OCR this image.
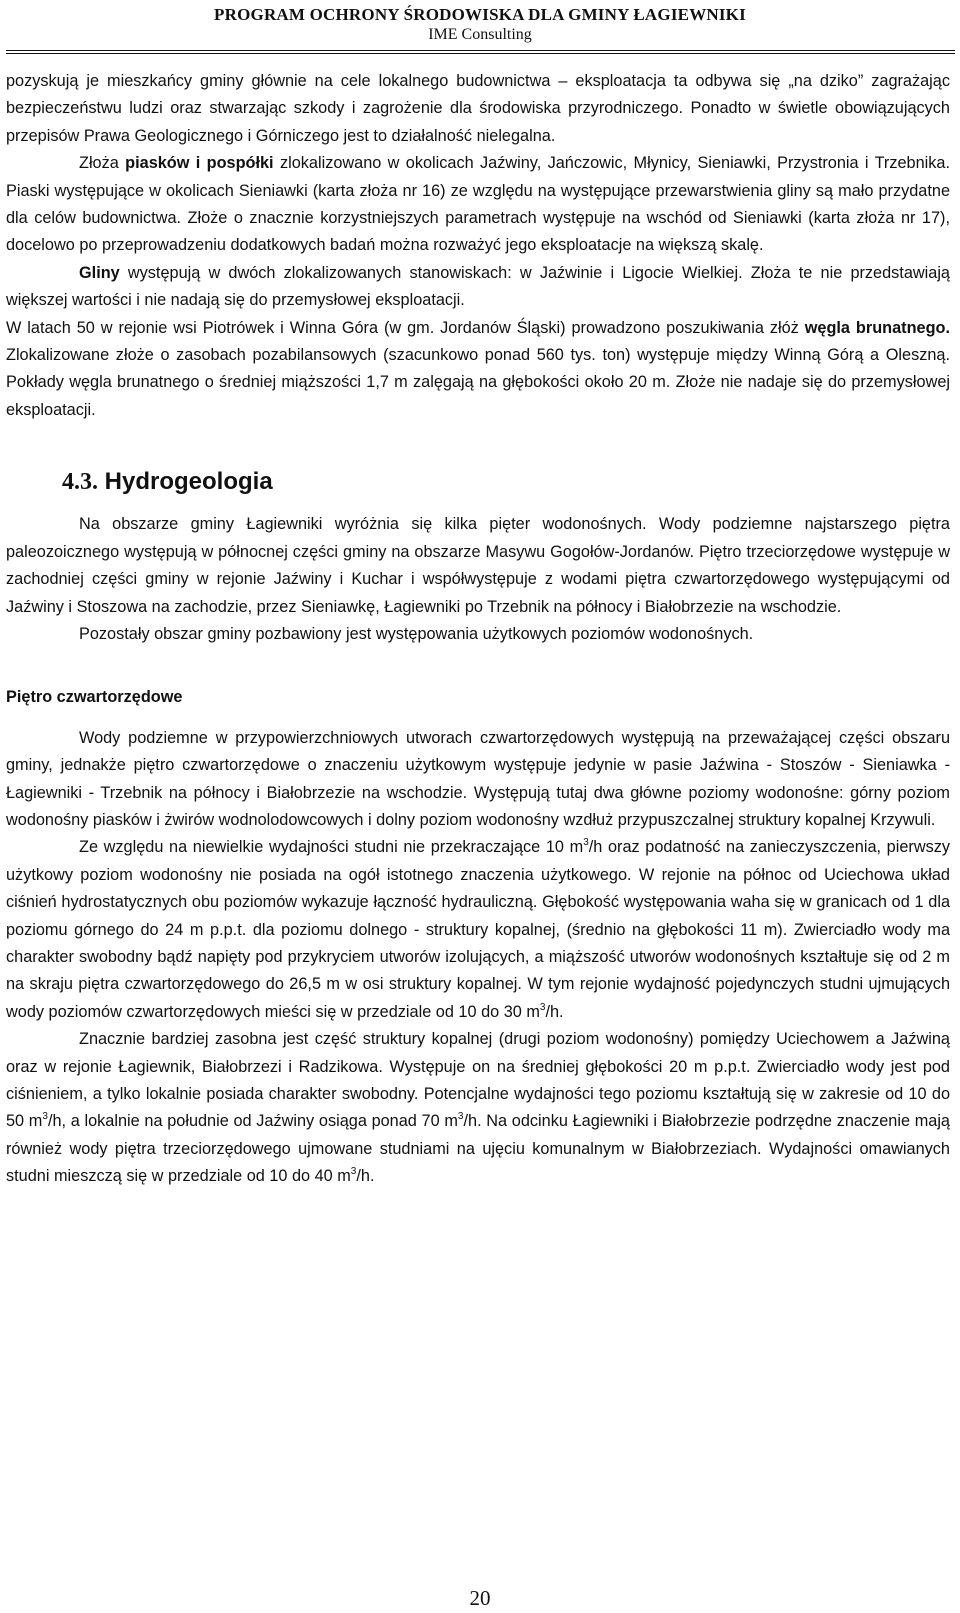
PROGRAM OCHRONY ŚRODOWISKA DLA GMINY ŁAGIEWNIKI
IME Consulting

pozyskują je mieszkańcy gminy głównie na cele lokalnego budownictwa – eksploatacja ta odbywa się „na dziko” zagrażając bezpieczeństwu ludzi oraz stwarzając szkody i zagrożenie dla środowiska przyrodniczego. Ponadto w świetle obowiązujących przepisów Prawa Geologicznego i Górniczego jest to działalność nielegalna.

Złoża piasków i pospółki zlokalizowano w okolicach Jaźwiny, Jańczowic, Młynicy, Sieniawki, Przystronia i Trzebnika. Piaski występujące w okolicach Sieniawki (karta złoża nr 16) ze względu na występujące przewarstwienia gliny są mało przydatne dla celów budownictwa. Złoże o znacznie korzystniejszych parametrach występuje na wschód od Sieniawki (karta złoża nr 17), docelowo po przeprowadzeniu dodatkowych badań można rozważyć jego eksploatacje na większą skalę.

Gliny występują w dwóch zlokalizowanych stanowiskach: w Jaźwinie i Ligocie Wielkiej. Złoża te nie przedstawiają większej wartości i nie nadają się do przemysłowej eksploatacji.

W latach 50 w rejonie wsi Piotrówek i Winna Góra (w gm. Jordanów Śląski) prowadzono poszukiwania złóż węgla brunatnego. Zlokalizowane złoże o zasobach pozabilansowych (szacunkowo ponad 560 tys. ton) występuje między Winną Górą a Oleszną. Pokłady węgla brunatnego o średniej miąższości 1,7 m zalęgają na głębokości około 20 m. Złoże nie nadaje się do przemysłowej eksploatacji.

4.3. Hydrogeologia

Na obszarze gminy Łagiewniki wyróżnia się kilka pięter wodonośnych. Wody podziemne najstarszego piętra paleozoicznego występują w północnej części gminy na obszarze Masywu Gogołów-Jordanów. Piętro trzeciorzędowe występuje w zachodniej części gminy w rejonie Jaźwiny i Kuchar i współwystępuje z wodami piętra czwartorzędowego występującymi od Jaźwiny i Stoszowa na zachodzie, przez Sieniawkę, Łagiewniki po Trzebnik na północy i Białobrzezie na wschodzie.

Pozostały obszar gminy pozbawiony jest występowania użytkowych poziomów wodonośnych.

Piętro czwartorzędowe

Wody podziemne w przypowierzchniowych utworach czwartorzędowych występują na przeważającej części obszaru gminy, jednakże piętro czwartorzędowe o znaczeniu użytkowym występuje jedynie w pasie Jaźwina - Stoszów - Sieniawka - Łagiewniki - Trzebnik na północy i Białobrzezie na wschodzie. Występują tutaj dwa główne poziomy wodonośne: górny poziom wodonośny piasków i żwirów wodnolodowcowych i dolny poziom wodonośny wzdłuż przypuszczalnej struktury kopalnej Krzywuli.

Ze względu na niewielkie wydajności studni nie przekraczające 10 $m^3/h$ oraz podatność na zanieczyszczenia, pierwszy użytkowy poziom wodonośny nie posiada na ogół istotnego znaczenia użytkowego. W rejonie na północ od Uciechowa układ ciśnień hydrostatycznych obu poziomów wykazuje łączność hydrauliczną. Głębokość występowania waha się w granicach od 1 dla poziomu górnego do 24 m p.p.t. dla poziomu dolnego - struktury kopalnej, (średnio na głębokości 11 m). Zwierciadło wody ma charakter swobodny bądź napięty pod przykryciem utworów izolujących, a miąższość utworów wodonośnych kształtuje się od 2 m na skraju piętra czwartorzędowego do 26,5 m w osi struktury kopalnej. W tym rejonie wydajność pojedynczych studni ujmujących wody poziomów czwartorzędowych mieści się w przedziale od 10 do 30 $m^3/h$.

Znacznie bardziej zasobna jest część struktury kopalnej (drugi poziom wodonośny) pomiędzy Uciechowem a Jaźwiną oraz w rejonie Łagiewnik, Białobrzezi i Radzikowa. Występuje on na średniej głębokości 20 m p.p.t. Zwierciadło wody jest pod ciśnieniem, a tylko lokalnie posiada charakter swobodny. Potencjalne wydajności tego poziomu kształtują się w zakresie od 10 do 50 $m^3/h$, a lokalnie na południe od Jaźwiny osiąga ponad 70 $m^3/h$. Na odcinku Łagiewniki i Białobrzezie podrzędne znaczenie mają również wody piętra trzeciorzędowego ujmowane studniami na ujęciu komunalnym w Białobrzeziach. Wydajności omawianych studni mieszczą się w przedziale od 10 do 40 $m^3/h$.

20
